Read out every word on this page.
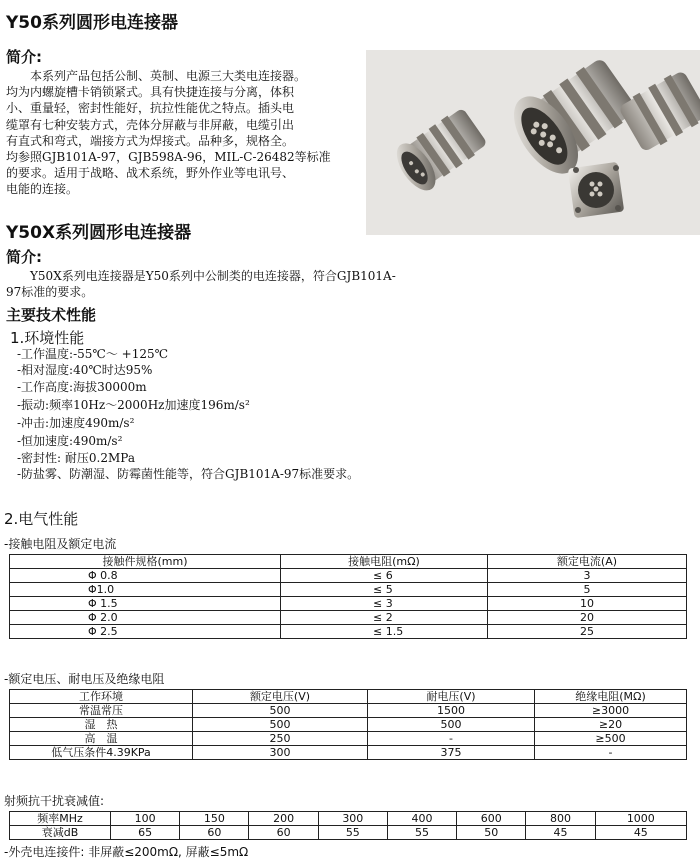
Y50系列圆形电连接器
简介:
　　本系列产品包括公制、英制、电源三大类电连接器。
均为内螺旋槽卡销锁紧式。具有快捷连接与分离，体积
小、重量轻，密封性能好，抗拉性能优之特点。插头电
缆罩有七种安装方式，壳体分屏蔽与非屏蔽，电缆引出
有直式和弯式，端接方式为焊接式。品种多，规格全。
均参照GJB101A-97，GJB598A-96，MIL-C-26482等标准
的要求。适用于战略、战术系统，野外作业等电讯号、
电能的连接。
Y50X系列圆形电连接器
简介:
　　Y50X系列电连接器是Y50系列中公制类的电连接器，符合GJB101A-
97标准的要求。
主要技术性能
1.环境性能
-工作温度:-55℃～ +125℃
-相对湿度:40℃时达95%
-工作高度:海拔30000m
-振动:频率10Hz～2000Hz加速度196m/s²
-冲击:加速度490m/s²
-恒加速度:490m/s²
-密封性: 耐压0.2MPa
-防盐雾、防潮湿、防霉菌性能等，符合GJB101A-97标准要求。
2.电气性能
-接触电阻及额定电流
接触件规格(mm)	接触电阻(mΩ)	额定电流(A)
Φ 0.8	≤ 6	3
Φ1.0	≤ 5	5
Φ 1.5	≤ 3	10
Φ 2.0	≤ 2	20
Φ 2.5	≤ 1.5	25
-额定电压、耐电压及绝缘电阻
工作环境	额定电压(V)	耐电压(V)	绝缘电阻(MΩ)
常温常压	500	1500	≥3000
湿　热	500	500	≥20
高　温	250	-	≥500
低气压条件4.39KPa	300	375	-
射频抗干扰衰减值:
频率MHz	100	150	200	300	400	600	800	1000
衰减dB	65	60	60	55	55	50	45	45
-外壳电连接件: 非屏蔽≤200mΩ, 屏蔽≤5mΩ
